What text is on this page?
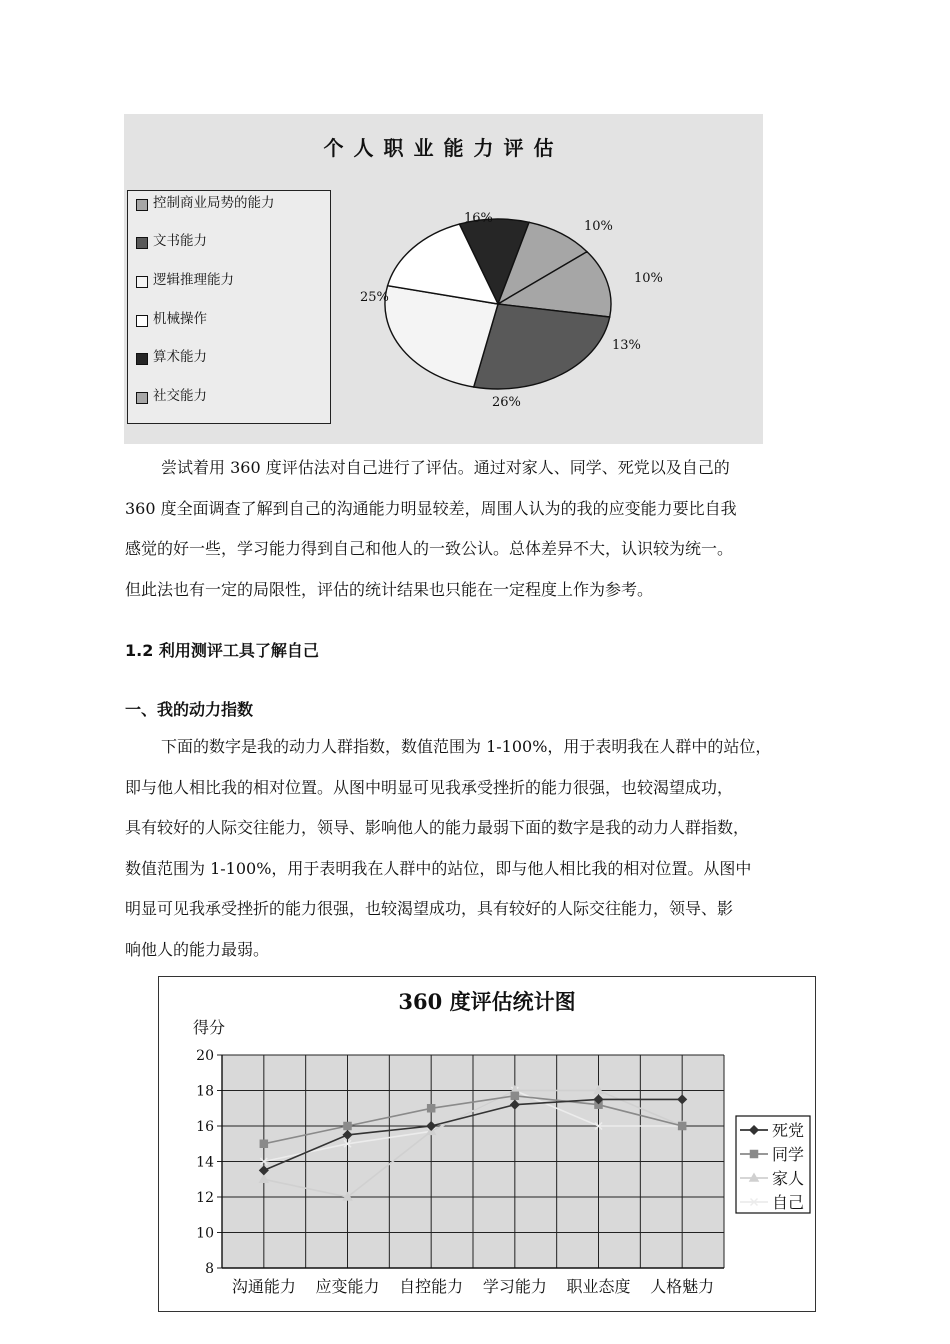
个人职业能力评估
10%
10%
13%
26%
25%
16%
控制商业局势的能力
文书能力
逻辑推理能力
机械操作
算术能力
社交能力
尝试着用 360 度评估法对自己进行了评估。通过对家人、同学、死党以及自己的
360 度全面调查了解到自己的沟通能力明显较差，周围人认为的我的应变能力要比自我
感觉的好一些，学习能力得到自己和他人的一致公认。总体差异不大，认识较为统一。
但此法也有一定的局限性，评估的统计结果也只能在一定程度上作为参考。
1.2 利用测评工具了解自己
一、我的动力指数
下面的数字是我的动力人群指数，数值范围为 1-100%，用于表明我在人群中的站位，
即与他人相比我的相对位置。从图中明显可见我承受挫折的能力很强，也较渴望成功，
具有较好的人际交往能力，领导、影响他人的能力最弱下面的数字是我的动力人群指数，
数值范围为 1-100%，用于表明我在人群中的站位，即与他人相比我的相对位置。从图中
明显可见我承受挫折的能力很强，也较渴望成功，具有较好的人际交往能力，领导、影
响他人的能力最弱。
360 度评估统计图
得分
8
10
12
14
16
18
20
沟通能力 应变能力 自控能力 学习能力 职业态度 人格魅力
死党
同学
家人
自己
